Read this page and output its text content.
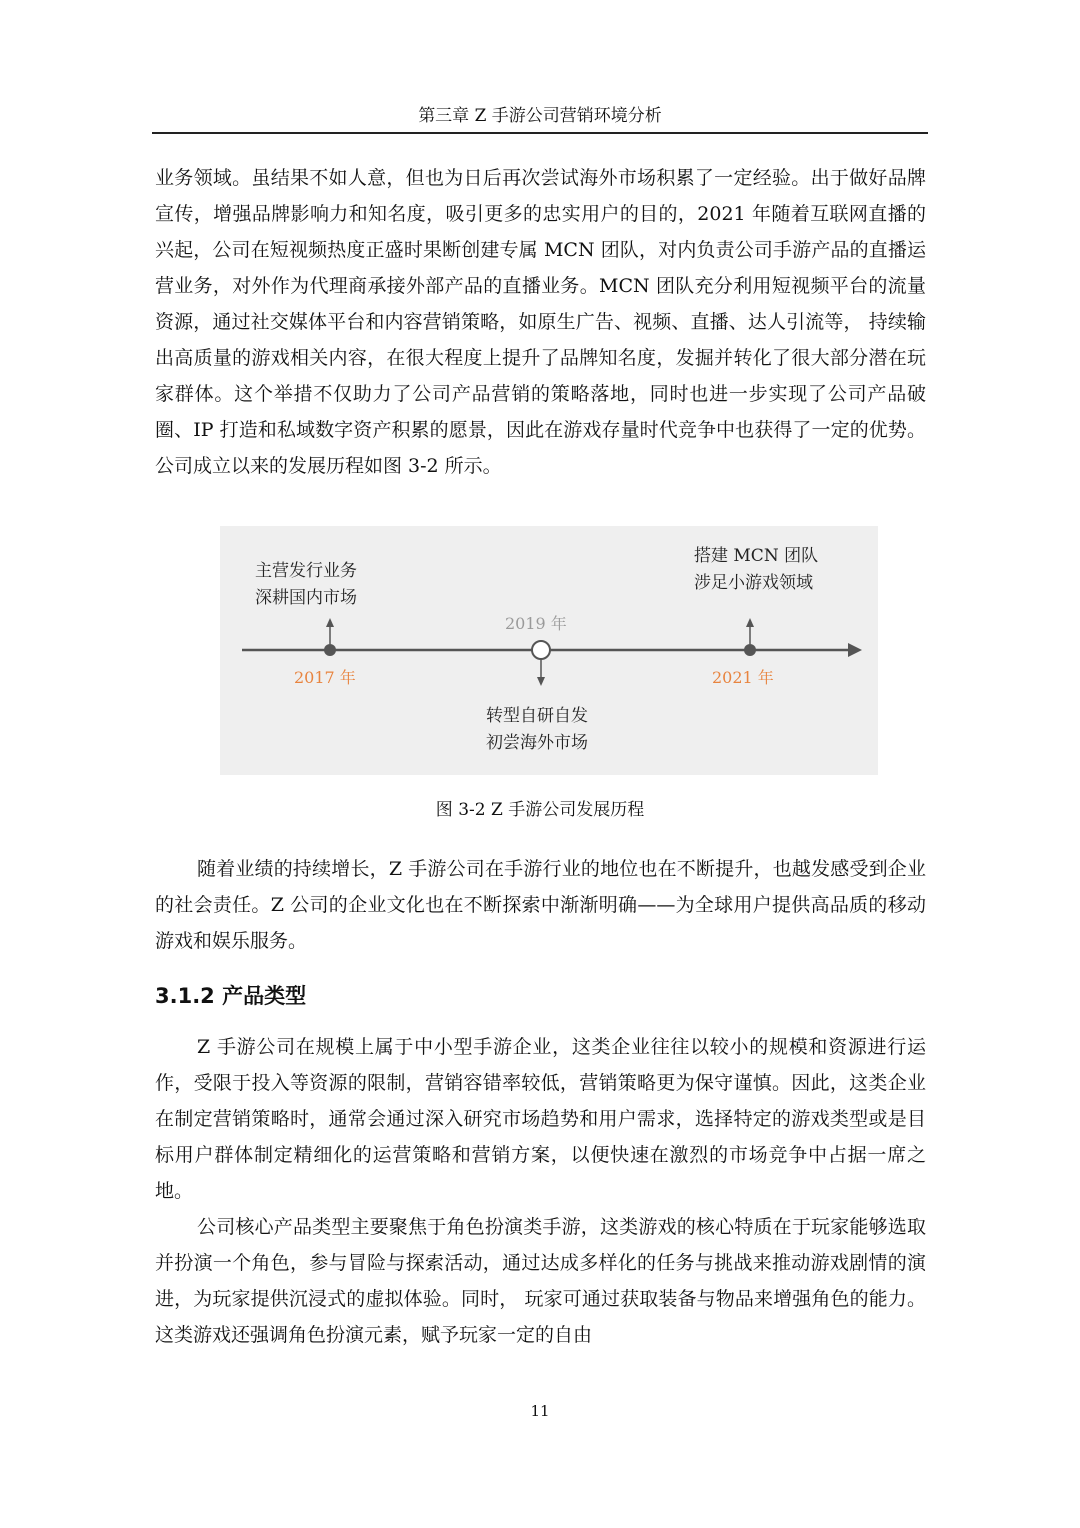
第三章 Z 手游公司营销环境分析

业务领域。虽结果不如人意，但也为日后再次尝试海外市场积累了一定经验。出于做好品牌宣传，增强品牌影响力和知名度，吸引更多的忠实用户的目的，2021 年随着互联网直播的兴起，公司在短视频热度正盛时果断创建专属 MCN 团队，对内负责公司手游产品的直播运营业务，对外作为代理商承接外部产品的直播业务。MCN 团队充分利用短视频平台的流量资源，通过社交媒体平台和内容营销策略，如原生广告、视频、直播、达人引流等， 持续输出高质量的游戏相关内容，在很大程度上提升了品牌知名度，发掘并转化了很大部分潜在玩家群体。这个举措不仅助力了公司产品营销的策略落地，同时也进一步实现了公司产品破圈、IP 打造和私域数字资产积累的愿景，因此在游戏存量时代竞争中也获得了一定的优势。公司成立以来的发展历程如图 3-2 所示。

主营发行业务
深耕国内市场
2017 年
2019 年
转型自研自发
初尝海外市场
搭建 MCN 团队
涉足小游戏领域
2021 年
图 3-2 Z 手游公司发展历程

随着业绩的持续增长，Z 手游公司在手游行业的地位也在不断提升，也越发感受到企业的社会责任。Z 公司的企业文化也在不断探索中渐渐明确——为全球用户提供高品质的移动游戏和娱乐服务。

3.1.2 产品类型

Z 手游公司在规模上属于中小型手游企业，这类企业往往以较小的规模和资源进行运作，受限于投入等资源的限制，营销容错率较低，营销策略更为保守谨慎。因此，这类企业在制定营销策略时，通常会通过深入研究市场趋势和用户需求，选择特定的游戏类型或是目标用户群体制定精细化的运营策略和营销方案，以便快速在激烈的市场竞争中占据一席之地。

公司核心产品类型主要聚焦于角色扮演类手游，这类游戏的核心特质在于玩家能够选取并扮演一个角色，参与冒险与探索活动，通过达成多样化的任务与挑战来推动游戏剧情的演进，为玩家提供沉浸式的虚拟体验。同时， 玩家可通过获取装备与物品来增强角色的能力。这类游戏还强调角色扮演元素，赋予玩家一定的自由

11
